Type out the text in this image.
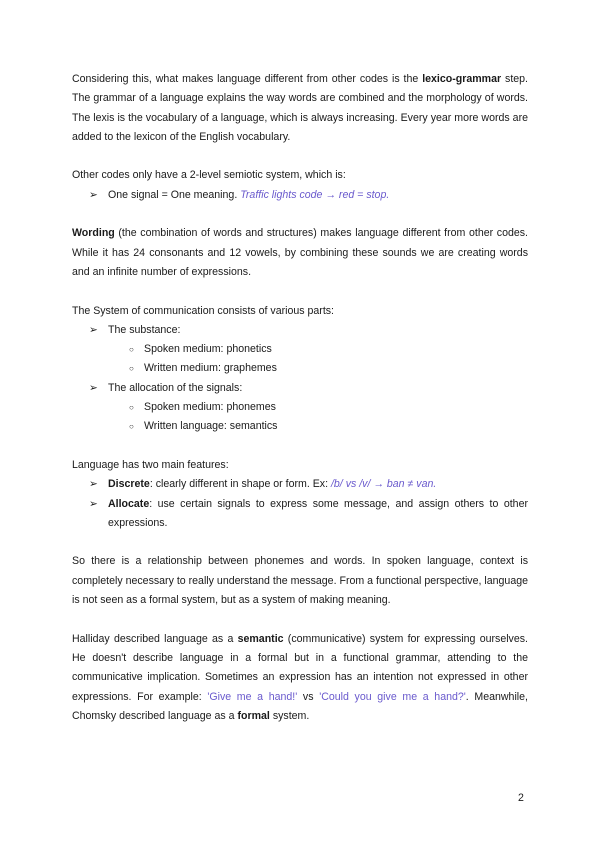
Considering this, what makes language different from other codes is the lexico-grammar step. The grammar of a language explains the way words are combined and the morphology of words. The lexis is the vocabulary of a language, which is always increasing. Every year more words are added to the lexicon of the English vocabulary.

Other codes only have a 2-level semiotic system, which is:

➢ One signal = One meaning. Traffic lights code → red = stop.

Wording (the combination of words and structures) makes language different from other codes. While it has 24 consonants and 12 vowels, by combining these sounds we are creating words and an infinite number of expressions.

The System of communication consists of various parts:

➢ The substance:
○ Spoken medium: phonetics
○ Written medium: graphemes
➢ The allocation of the signals:
○ Spoken medium: phonemes
○ Written language: semantics

Language has two main features:

➢ Discrete: clearly different in shape or form. Ex: /b/ vs /v/ → ban ≠ van.
➢ Allocate: use certain signals to express some message, and assign others to other expressions.

So there is a relationship between phonemes and words. In spoken language, context is completely necessary to really understand the message. From a functional perspective, language is not seen as a formal system, but as a system of making meaning.

Halliday described language as a semantic (communicative) system for expressing ourselves. He doesn't describe language in a formal but in a functional grammar, attending to the communicative implication. Sometimes an expression has an intention not expressed in other expressions. For example: 'Give me a hand!' vs 'Could you give me a hand?'. Meanwhile, Chomsky described language as a formal system.

2
